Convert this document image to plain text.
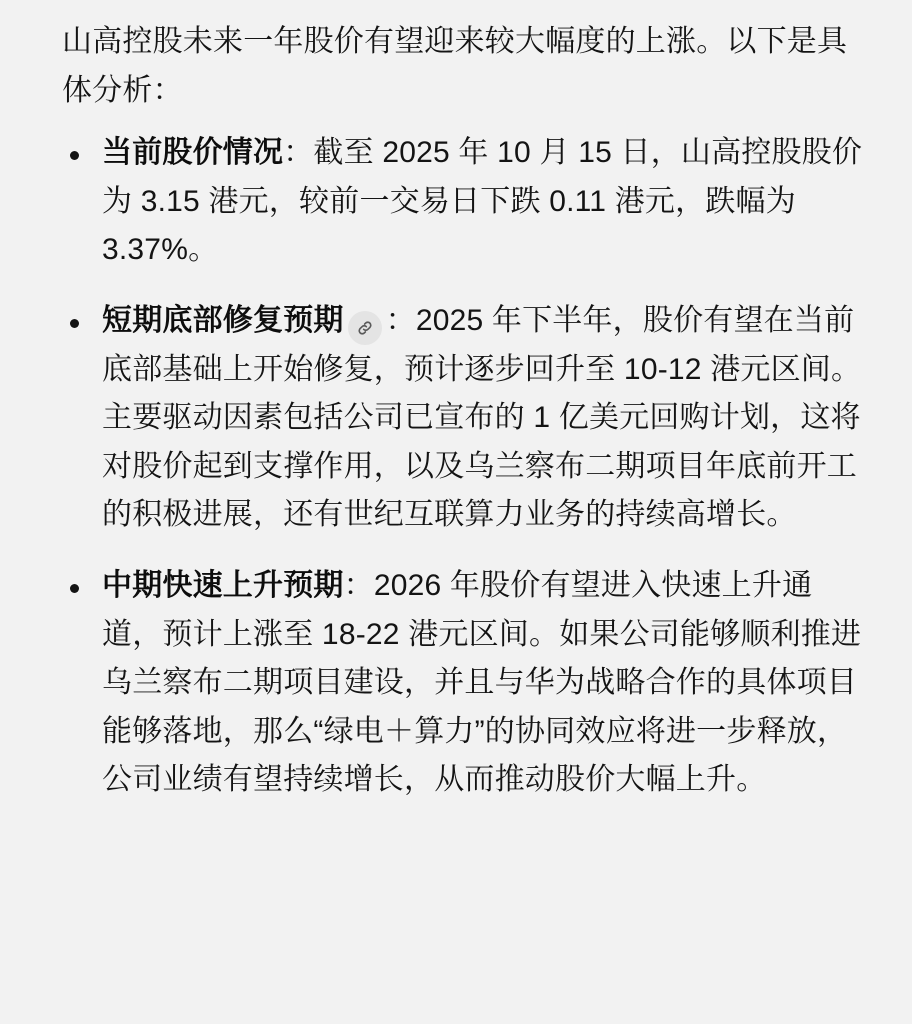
山高控股未来一年股价有望迎来较大幅度的上涨。以下是具体分析：

当前股价情况：截至 2025 年 10 月 15 日，山高控股股价为 3.15 港元，较前一交易日下跌 0.11 港元，跌幅为 3.37%。
短期底部修复预期 ：2025 年下半年，股价有望在当前底部基础上开始修复，预计逐步回升至 10-12 港元区间。主要驱动因素包括公司已宣布的 1 亿美元回购计划，这将对股价起到支撑作用，以及乌兰察布二期项目年底前开工的积极进展，还有世纪互联算力业务的持续高增长。
中期快速上升预期：2026 年股价有望进入快速上升通道，预计上涨至 18-22 港元区间。如果公司能够顺利推进乌兰察布二期项目建设，并且与华为战略合作的具体项目能够落地，那么“绿电＋算力”的协同效应将进一步释放，公司业绩有望持续增长，从而推动股价大幅上升。
